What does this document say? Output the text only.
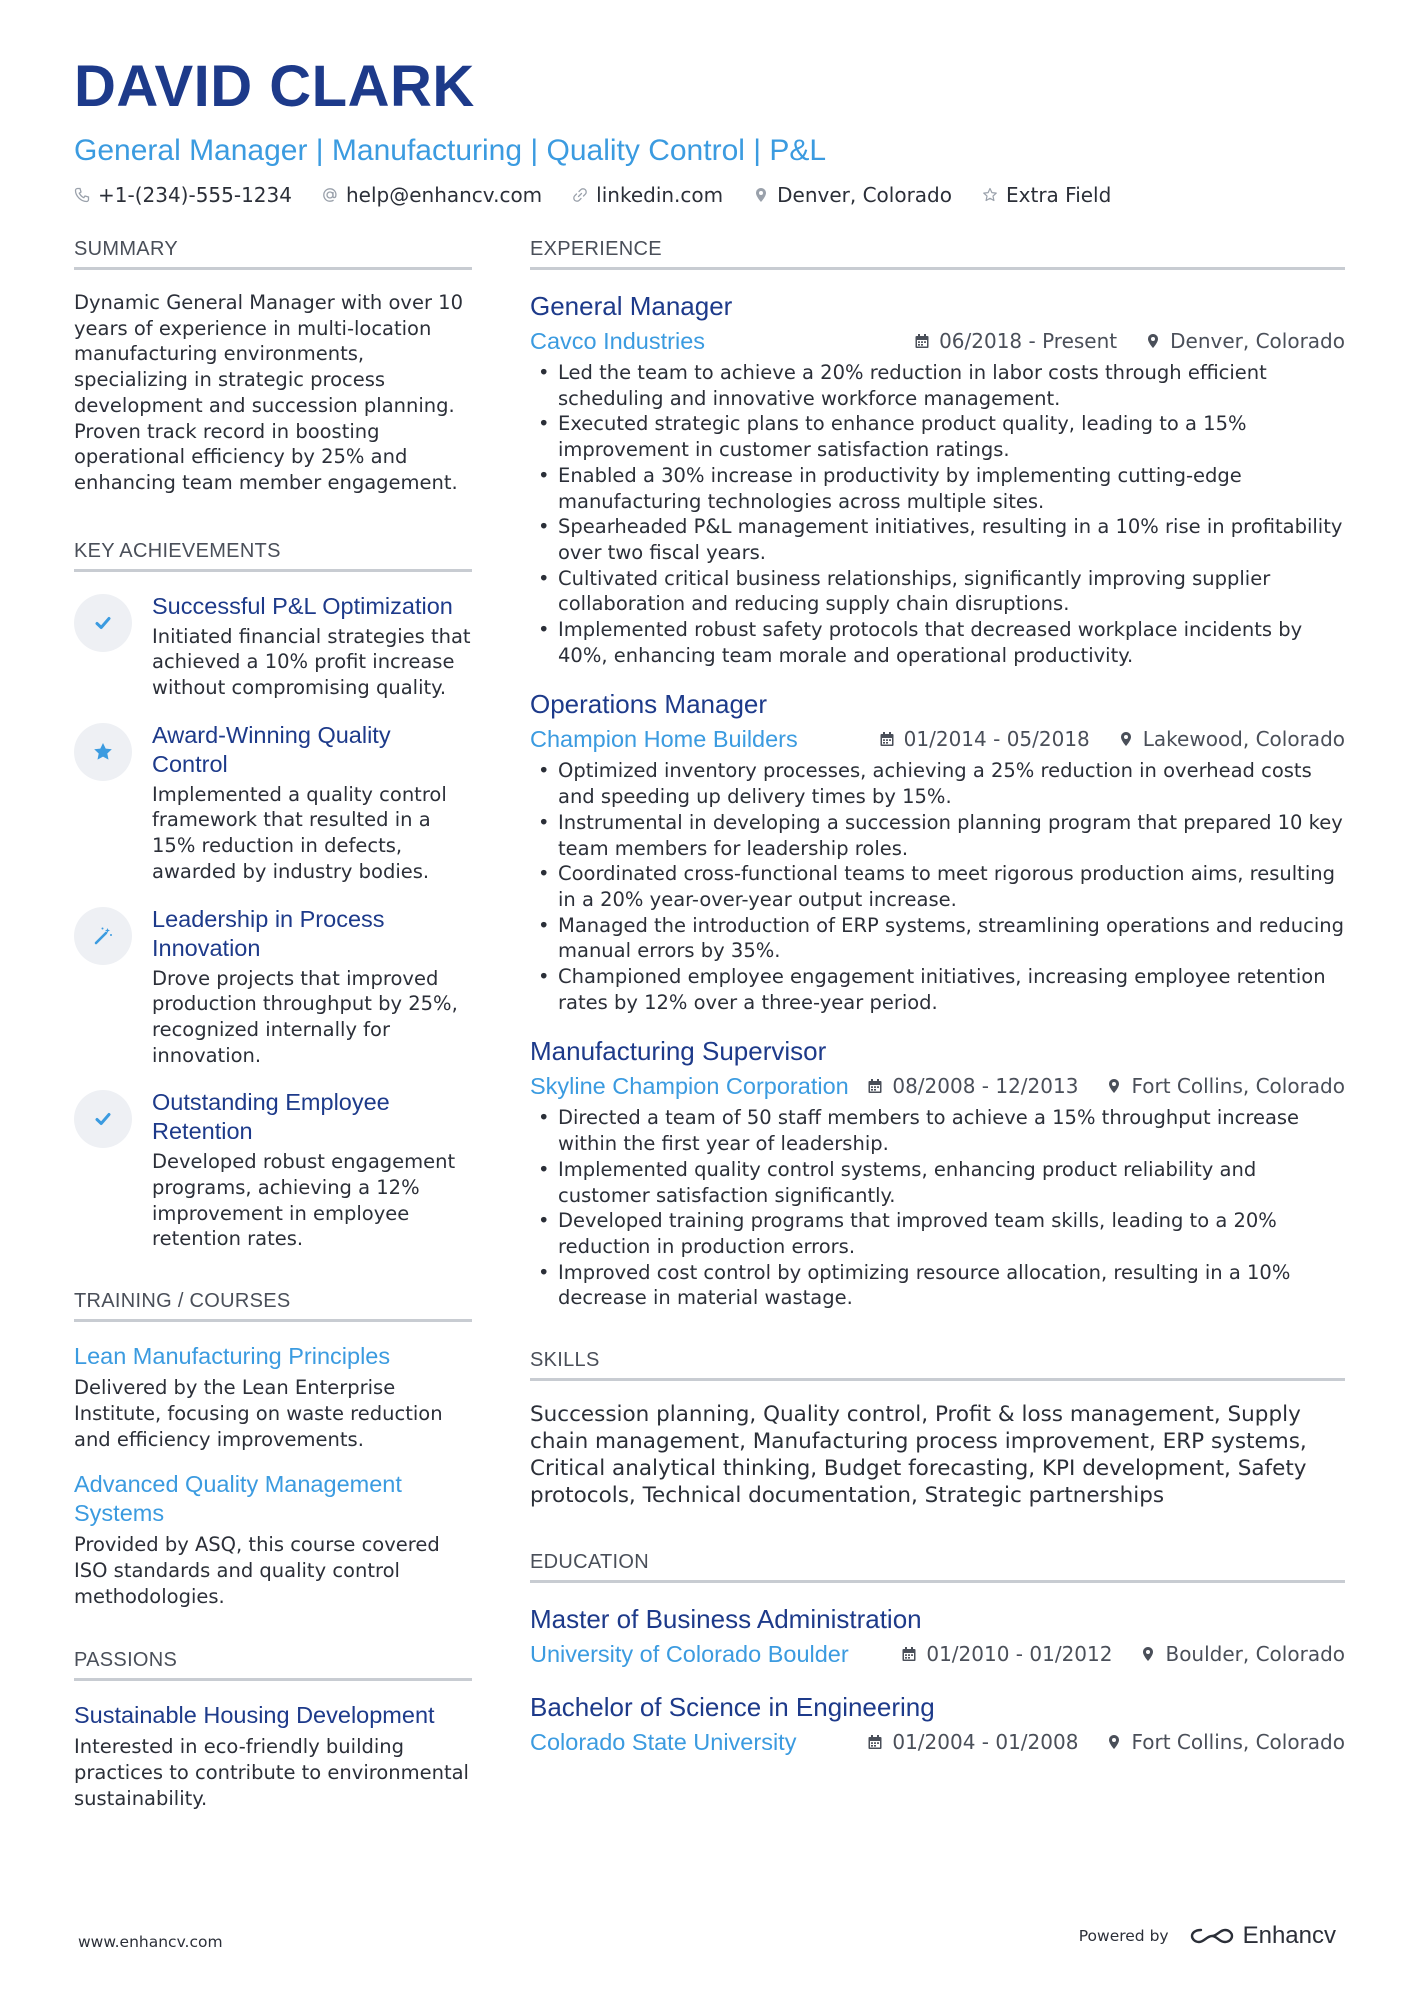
DAVID CLARK
General Manager | Manufacturing | Quality Control | P&L
+1-(234)-555-1234	help@enhancv.com	linkedin.com	Denver, Colorado	Extra Field
SUMMARY
Dynamic General Manager with over 10 years of experience in multi-location manufacturing environments, specializing in strategic process development and succession planning. Proven track record in boosting operational efficiency by 25% and enhancing team member engagement.
KEY ACHIEVEMENTS
Successful P&L Optimization
Initiated financial strategies that achieved a 10% profit increase without compromising quality.
Award-Winning Quality Control
Implemented a quality control framework that resulted in a 15% reduction in defects, awarded by industry bodies.
Leadership in Process Innovation
Drove projects that improved production throughput by 25%, recognized internally for innovation.
Outstanding Employee Retention
Developed robust engagement programs, achieving a 12% improvement in employee retention rates.
TRAINING / COURSES
Lean Manufacturing Principles
Delivered by the Lean Enterprise Institute, focusing on waste reduction and efficiency improvements.
Advanced Quality Management Systems
Provided by ASQ, this course covered ISO standards and quality control methodologies.
PASSIONS
Sustainable Housing Development
Interested in eco-friendly building practices to contribute to environmental sustainability.
EXPERIENCE
General Manager
Cavco Industries	06/2018 - Present	Denver, Colorado
• Led the team to achieve a 20% reduction in labor costs through efficient scheduling and innovative workforce management.
• Executed strategic plans to enhance product quality, leading to a 15% improvement in customer satisfaction ratings.
• Enabled a 30% increase in productivity by implementing cutting-edge manufacturing technologies across multiple sites.
• Spearheaded P&L management initiatives, resulting in a 10% rise in profitability over two fiscal years.
• Cultivated critical business relationships, significantly improving supplier collaboration and reducing supply chain disruptions.
• Implemented robust safety protocols that decreased workplace incidents by 40%, enhancing team morale and operational productivity.
Operations Manager
Champion Home Builders	01/2014 - 05/2018	Lakewood, Colorado
• Optimized inventory processes, achieving a 25% reduction in overhead costs and speeding up delivery times by 15%.
• Instrumental in developing a succession planning program that prepared 10 key team members for leadership roles.
• Coordinated cross-functional teams to meet rigorous production aims, resulting in a 20% year-over-year output increase.
• Managed the introduction of ERP systems, streamlining operations and reducing manual errors by 35%.
• Championed employee engagement initiatives, increasing employee retention rates by 12% over a three-year period.
Manufacturing Supervisor
Skyline Champion Corporation 08/2008 - 12/2013	Fort Collins, Colorado
• Directed a team of 50 staff members to achieve a 15% throughput increase within the first year of leadership.
• Implemented quality control systems, enhancing product reliability and customer satisfaction significantly.
• Developed training programs that improved team skills, leading to a 20% reduction in production errors.
• Improved cost control by optimizing resource allocation, resulting in a 10% decrease in material wastage.
SKILLS
Succession planning, Quality control, Profit & loss management, Supply chain management, Manufacturing process improvement, ERP systems, Critical analytical thinking, Budget forecasting, KPI development, Safety protocols, Technical documentation, Strategic partnerships
EDUCATION
Master of Business Administration
University of Colorado Boulder	01/2010 - 01/2012	Boulder, Colorado
Bachelor of Science in Engineering
Colorado State University	01/2004 - 01/2008	Fort Collins, Colorado
www.enhancv.com	Powered by	Enhancv
